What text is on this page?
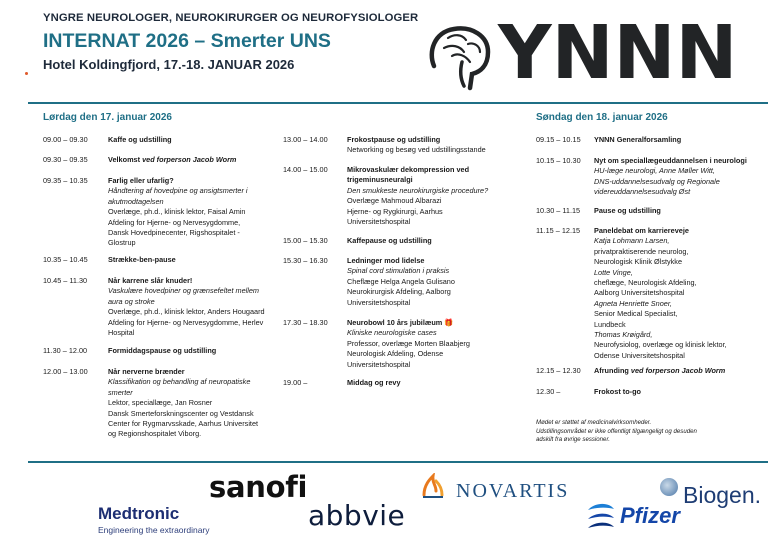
YNGRE NEUROLOGER, NEUROKIRURGER OG NEUROFYSIOLOGER
INTERNAT 2026 – Smerter UNS
Hotel Koldingfjord, 17.-18. JANUAR 2026	YNNN
Lørdag den 17. januar 2026	Søndag den 18. januar 2026
09.00 – 09.30	Kaffe og udstilling
09.30 – 09.35	Velkomst ved forperson Jacob Worm
09.35 – 10.35	Farlig eller ufarlig?
Håndtering af hovedpine og ansigtsmerter i
akutmodtagelsen
Overlæge, ph.d., klinisk lektor, Faisal Amin
Afdeling for Hjerne- og Nervesygdomme,
Dansk Hovedpinecenter, Rigshospitalet -
Glostrup
10.35 – 10.45	Strække-ben-pause
10.45 – 11.30	Når karrene slår knuder!
Vaskulære hovedpiner og grænsefeltet mellem
aura og stroke
Overlæge, ph.d., klinisk lektor, Anders Hougaard
Afdeling for Hjerne- og Nervesygdomme, Herlev
Hospital
11.30 – 12.00	Formiddagspause og udstilling
12.00 – 13.00	Når nerverne brænder
Klassifikation og behandling af neuropatiske
smerter
Lektor, speciallæge, Jan Rosner
Dansk Smerteforskningscenter og Vestdansk
Center for Rygmarvsskade, Aarhus Universitet
og Regionshospitalet Viborg.
13.00 – 14.00	Frokostpause og udstilling
Networking og besøg ved udstillingsstande
14.00 – 15.00	Mikrovaskulær dekompression ved
trigeminusneuralgi
Den smukkeste neurokirurgiske procedure?
Overlæge Mahmoud Albarazi
Hjerne- og Rygkirurgi, Aarhus
Universitetshospital
15.00 – 15.30	Kaffepause og udstilling
15.30 – 16.30	Ledninger mod lidelse
Spinal cord stimulation i praksis
Cheflæge Helga Angela Gulisano
Neurokirurgisk Afdeling, Aalborg
Universitetshospital
17.30 – 18.30	Neurobowl 10 års jubilæum 🎁
Kliniske neurologiske cases
Professor, overlæge Morten Blaabjerg
Neurologisk Afdeling, Odense
Universitetshospital
19.00 –	Middag og revy
09.15 – 10.15	YNNN Generalforsamling
10.15 – 10.30	Nyt om speciallægeuddannelsen i neurologi
HU-læge neurologi, Anne Møller Witt,
DNS-uddannelsesudvalg og Regionale
videreuddannelsesudvalg Øst
10.30 – 11.15	Pause og udstilling
11.15 – 12.15	Paneldebat om karriereveje
Katja Lohmann Larsen,
privatpraktiserende neurolog,
Neurologisk Klinik Ølstykke
Lotte Vinge,
cheflæge, Neurologisk Afdeling,
Aalborg Universitetshospital
Agneta Henriette Snoer,
Senior Medical Specialist,
Lundbeck
Thomas Krøigård,
Neurofysiolog, overlæge og klinisk lektor,
Odense Universitetshospital
12.15 – 12.30	Afrunding ved forperson Jacob Worm
12.30 –	Frokost to-go
Mødet er støttet af medicinalvirksomheder.
Udstillingsområdet er ikke offentligt tilgængeligt og desuden
adskilt fra øvrige sessioner.
sanofi	NOVARTIS	Biogen.
Medtronic
Engineering the extraordinary	abbvie	Pfizer
